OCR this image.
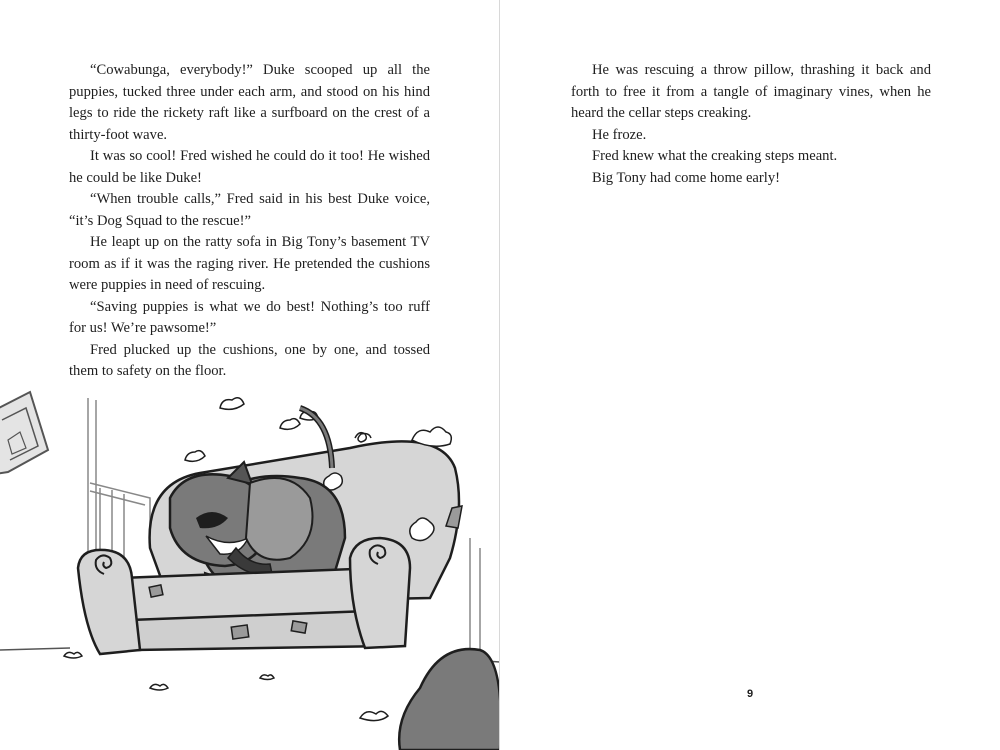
“Cowabunga, everybody!” Duke scooped up all the puppies, tucked three under each arm, and stood on his hind legs to ride the rickety raft like a surfboard on the crest of a thirty-foot wave.

It was so cool! Fred wished he could do it too! He wished he could be like Duke!

“When trouble calls,” Fred said in his best Duke voice, “it’s Dog Squad to the rescue!”

He leapt up on the ratty sofa in Big Tony’s basement TV room as if it was the raging river. He pretended the cushions were puppies in need of rescuing.

“Saving puppies is what we do best! Nothing’s too ruff for us! We’re pawsome!”

Fred plucked up the cushions, one by one, and tossed them to safety on the floor.

He was rescuing a throw pillow, thrashing it back and forth to free it from a tangle of imaginary vines, when he heard the cellar steps creaking.

He froze.

Fred knew what the creaking steps meant.

Big Tony had come home early!

9
